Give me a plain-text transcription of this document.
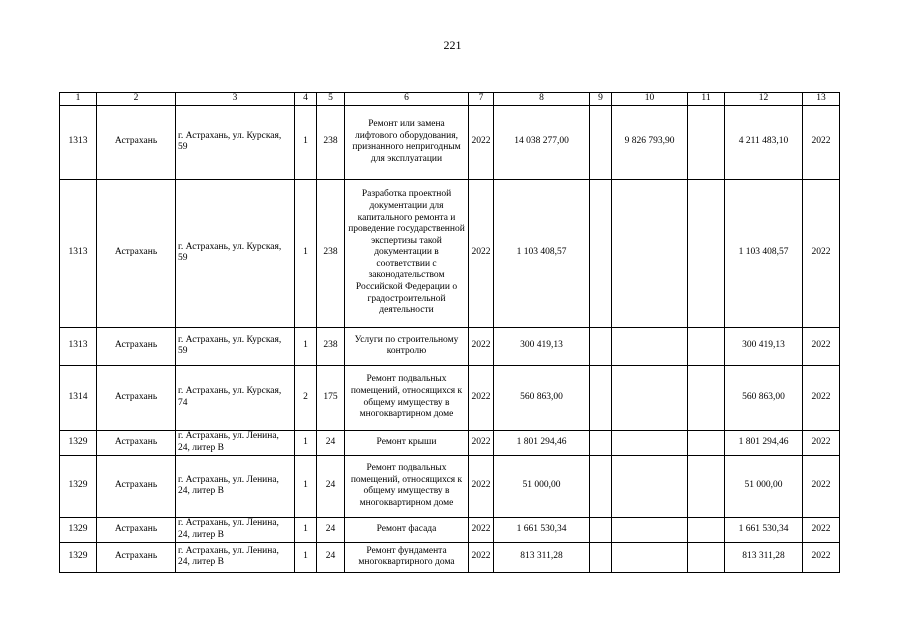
221
1	2	3	4	5	6	7	8	9	10	11	12	13
1313	Астрахань	г. Астрахань, ул. Курская, 59	1	238	Ремонт или замена лифтового оборудования, признанного непригодным для эксплуатации	2022	14 038 277,00		9 826 793,90		4 211 483,10	2022
1313	Астрахань	г. Астрахань, ул. Курская, 59	1	238	Разработка проектной документации для капитального ремонта и проведение государственной экспертизы такой документации в соответствии с законодательством Российской Федерации о градостроительной деятельности	2022	1 103 408,57				1 103 408,57	2022
1313	Астрахань	г. Астрахань, ул. Курская, 59	1	238	Услуги по строительному контролю	2022	300 419,13				300 419,13	2022
1314	Астрахань	г. Астрахань, ул. Курская, 74	2	175	Ремонт подвальных помещений, относящихся к общему имуществу в многоквартирном доме	2022	560 863,00				560 863,00	2022
1329	Астрахань	г. Астрахань, ул. Ленина, 24, литер В	1	24	Ремонт крыши	2022	1 801 294,46				1 801 294,46	2022
1329	Астрахань	г. Астрахань, ул. Ленина, 24, литер В	1	24	Ремонт подвальных помещений, относящихся к общему имуществу в многоквартирном доме	2022	51 000,00				51 000,00	2022
1329	Астрахань	г. Астрахань, ул. Ленина, 24, литер В	1	24	Ремонт фасада	2022	1 661 530,34				1 661 530,34	2022
1329	Астрахань	г. Астрахань, ул. Ленина, 24, литер В	1	24	Ремонт фундамента многоквартирного дома	2022	813 311,28				813 311,28	2022
